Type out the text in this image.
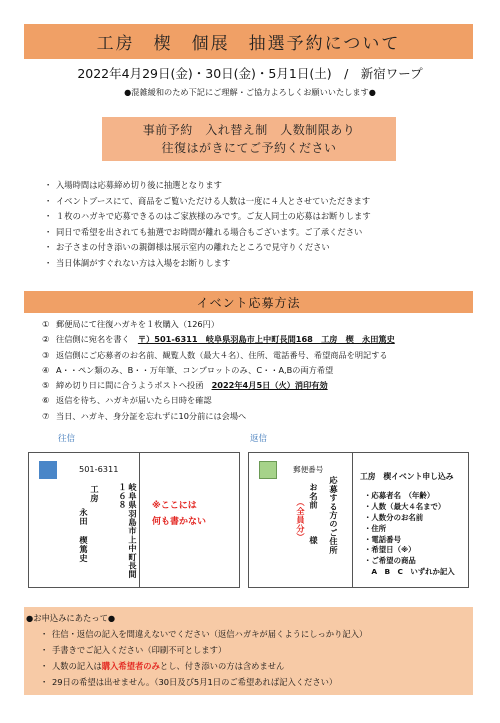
工房　楔　個展　抽選予約について
2022年4月29日(金)・30日(金)・5月1日(土)　/　新宿ワープ
●混雑緩和のため下記にご理解・ご協力よろしくお願いいたします●
事前予約　入れ替え制　人数制限あり
往復はがきにてご予約ください
・ 入場時間は応募締め切り後に抽選となります
・ イベントブースにて、商品をご覧いただける人数は一度に４人とさせていただきます
・ １枚のハガキで応募できるのはご家族様のみです。ご友人同士の応募はお断りします
・ 同日で希望を出されても抽選でお時間が離れる場合もございます。ご了承ください
・ お子さまの付き添いの親御様は展示室内の離れたところで見守りください
・ 当日体調がすぐれない方は入場をお断りします
イベント応募方法
① 郵便局にて往復ハガキを１枚購入（126円）
② 往信側に宛名を書く　〒）501-6311　岐阜県羽島市上中町長間168　工房　楔　永田篤史
③ 返信側にご応募者のお名前、観覧人数（最大４名）、住所、電話番号、希望商品を明記する
④ A・・ペン類のみ、B・・万年筆、コンプロットのみ、C・・A,Bの両方希望
⑤ 締め切り日に間に合うようポストへ投函　2022年4月5日（火）消印有効
⑥ 返信を待ち、ハガキが届いたら日時を確認
⑦ 当日、ハガキ、身分証を忘れずに10分前には会場へ
往信	返信
501-6311
岐阜県羽島市上中町長間１６８
工房
永田 楔
篤史
※ここには
何も書かない
郵便番号
応募する方のご住所
お名前
（全員分） 様
工房　楔イベント申し込み
・応募者名　（年齢）
・人数（最大４名まで）
・人数分のお名前
・住所
・電話番号
・希望日（※）
・ご希望の商品
　A　B　C　いずれか記入
●お申込みにあたって●
・ 往信・返信の記入を間違えないでください（返信ハガキが届くようにしっかり記入）
・ 手書きでご記入ください（印刷不可とします）
・ 人数の記入は購入希望者のみとし、付き添いの方は含めません
・ 29日の希望は出せません。（30日及び5月1日のご希望あれば記入ください）
